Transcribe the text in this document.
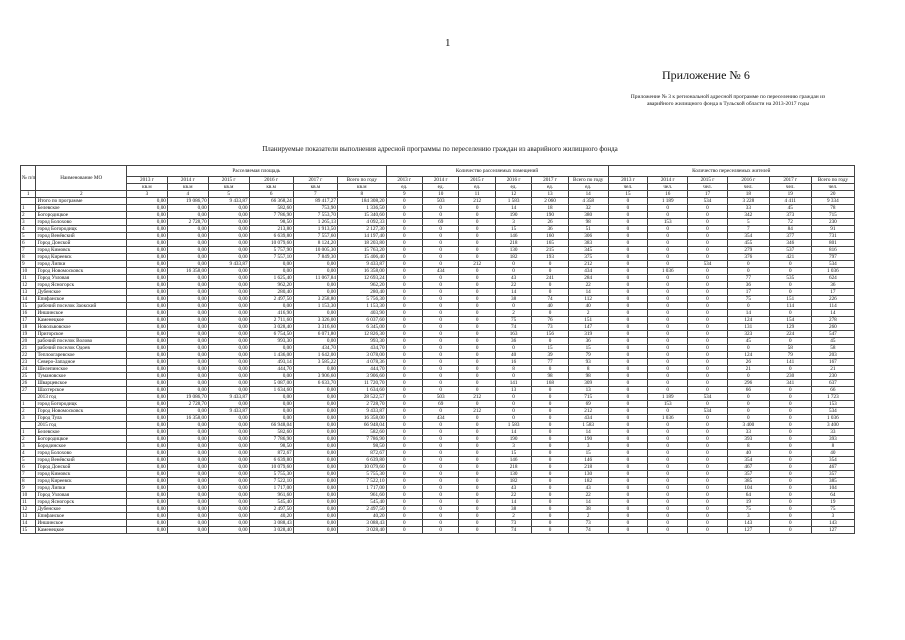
1
Приложение № 6
Приложение № 3 к региональной адресной программе по переселению граждан из аварийного жилищного фонда в Тульской области на 2013-2017 годы
Планируемые показатели выполнения адресной программы по переселению граждан из аварийного жилищного фонда
№ п/п	Наименование МО	Расселяемая площадь						Количество расселяемых помещений						Количество переселяемых жителей					
		2013 г	2014 г	2015 г	2016 г	2017 г	Всего по году	2013 г	2014 г	2015 г	2016 г	2017 г	Всего по году	2013 г	2014 г	2015 г	2016 г	2017 г	Всего по году
		кв.м	кв.м	кв.м	кв.м	кв.м	кв.м	ед.	ед.	ед.	ед.	ед.	ед.	чел.	чел.	чел.	чел.	чел.	чел.
1	2	3	4	5	6	7	8	9	10	11	12	13	14	15	16	17	18	19	20
	Итого по программе	0,00	19 086,70	9 433,87	66 368,24	89 417,27	184 308,20	0	503	212	1 583	2 060	4 358	0	1 189	534	3 228	4 411	9 334
1	Белевское	0,00	0,00	0,00	582,60	753,90	1 336,50	0	0	0	14	18	32	0	0	0	33	45	78
2	Богородицкое	0,00	0,00	0,00	7 786,90	7 553,70	15 340,60	0	0	0	190	190	380	0	0	0	342	373	715
3	город Болохово	0,00	2 728,70	0,00	98,50	1 265,13	4 092,33	0	69	0	3	26	98	0	153	0	5	72	230
4	город Богородицк	0,00	0,00	0,00	213,80	1 913,50	2 127,30	0	0	0	15	36	51	0	0	0	7	84	91
5	город Венёвский	0,00	0,00	0,00	6 639,80	7 557,60	14 197,40	0	0	0	146	160	306	0	0	0	354	377	731
6	Город Донской	0,00	0,00	0,00	10 079,60	8 124,20	18 203,80	0	0	0	218	165	383	0	0	0	455	346	801
7	город Кимовск	0,00	0,00	0,00	5 757,90	10 005,30	15 763,20	0	0	0	130	215	345	0	0	0	279	537	816
8	город Киреевск	0,00	0,00	0,00	7 557,10	7 849,30	15 406,40	0	0	0	182	193	375	0	0	0	376	421	797
9	город Липки	0,00	0,00	9 433,87	0,00	0,00	9 433,87	0	0	212	0	0	212	0	0	534	0	0	534
10	Город Новомосковск	0,00	16 358,00	0,00	0,00	0,00	16 358,00	0	434	0	0	0	434	0	1 036	0	0	0	1 036
11	Город Узловая	0,00	0,00	0,00	1 625,40	11 067,84	12 693,24	0	0	0	43	241	284	0	0	0	77	535	624
12	город Ясногорск	0,00	0,00	0,00	962,20	0,00	962,20	0	0	0	22	0	22	0	0	0	36	0	36
13	Дубенское	0,00	0,00	0,00	280,40	0,00	280,40	0	0	0	14	0	14	0	0	0	17	0	17
14	Епифанское	0,00	0,00	0,00	2 497,50	3 258,80	5 756,30	0	0	0	38	74	112	0	0	0	75	151	226
15	рабочий поселок Заокский	0,00	0,00	0,00	0,00	1 153,30	1 153,30	0	0	0	0	40	40	0	0	0	0	114	114
16	Иншинское	0,00	0,00	0,00	416,90	0,00	403,90	0	0	0	2	0	2	0	0	0	14	0	14
17	Каменецкое	0,00	0,00	0,00	2 711,60	3 326,00	6 037,60	0	0	0	75	76	151	0	0	0	124	154	278
18	Новольвовское	0,00	0,00	0,00	3 028,40	3 316,60	6 345,00	0	0	0	74	73	147	0	0	0	131	129	260
19	Пригорское	0,00	0,00	0,00	6 754,50	6 071,80	12 826,30	0	0	0	163	156	319	0	0	0	323	224	547
20	рабочий поселок Волово	0,00	0,00	0,00	993,30	0,00	993,30	0	0	0	36	0	36	0	0	0	45	0	45
21	рабочий поселок Одоев	0,00	0,00	0,00	0,00	434,70	434,70	0	0	0	0	15	15	0	0	0	0	58	58
22	Теплоогаревское	0,00	0,00	0,00	1 436,00	1 642,00	3 078,00	0	0	0	40	39	79	0	0	0	124	79	203
23	Северо-Западное	0,00	0,00	0,00	493,14	3 585,22	4 078,36	0	0	0	16	77	93	0	0	0	26	141	167
24	Шелепинское	0,00	0,00	0,00	444,70	0,00	444,70	0	0	0	8	0	8	0	0	0	21	0	21
25	Тумановское	0,00	0,00	0,00	0,00	3 906,60	3 906,60	0	0	0	0	98	98	0	0	0	0	230	230
26	Шварцевское	0,00	0,00	0,00	5 087,00	6 633,70	11 720,70	0	0	0	141	168	309	0	0	0	296	341	637
27	Шахтерское	0,00	0,00	0,00	1 634,60	0,00	1 634,60	0	0	0	13	0	13	0	0	0	66	0	66
	2013 год	0,00	19 086,70	9 433,87	0,00	0,00	28 522,57	0	503	212	0	0	715	0	1 189	534	0	0	1 723
1	город Богородицк	0,00	2 728,70	0,00	0,00	0,00	2 728,70	0	69	0	0	0	69	0	153	0	0	0	153
2	Город Новомосковск	0,00	0,00	9 433,87	0,00	0,00	9 433,87	0	0	212	0	0	212	0	0	534	0	0	534
3	Город Тула	0,00	16 358,00	0,00	0,00	0,00	16 358,00	0	434	0	0	0	434	0	1 036	0	0	0	1 036
	2015 год	0,00	0,00	0,00	66 948,04	0,00	66 948,04	0	0	0	1 583	0	1 583	0	0	0	3 400	0	3 400
1	Белевское	0,00	0,00	0,00	582,60	0,00	582,60	0	0	0	14	0	14	0	0	0	33	0	33
2	Богородицкое	0,00	0,00	0,00	7 786,90	0,00	7 786,90	0	0	0	190	0	190	0	0	0	393	0	393
3	Бородинское	0,00	0,00	0,00	98,50	0,00	98,50	0	0	0	3	0	3	0	0	0	8	0	8
4	город Болохово	0,00	0,00	0,00	872,67	0,00	872,67	0	0	0	15	0	15	0	0	0	40	0	40
5	город Венёвский	0,00	0,00	0,00	6 639,80	0,00	6 639,80	0	0	0	146	0	146	0	0	0	354	0	354
6	Город Донской	0,00	0,00	0,00	10 079,60	0,00	10 079,60	0	0	0	218	0	218	0	0	0	467	0	467
7	город Кимовск	0,00	0,00	0,00	5 755,30	0,00	5 755,30	0	0	0	130	0	130	0	0	0	357	0	357
8	город Киреевск	0,00	0,00	0,00	7 522,10	0,00	7 522,10	0	0	0	182	0	182	0	0	0	385	0	385
9	город Липки	0,00	0,00	0,00	1 717,00	0,00	1 717,00	0	0	0	43	0	43	0	0	0	104	0	104
10	Город Узловая	0,00	0,00	0,00	961,60	0,00	961,60	0	0	0	22	0	22	0	0	0	64	0	64
11	город Ясногорск	0,00	0,00	0,00	545,40	0,00	545,40	0	0	0	14	0	14	0	0	0	19	0	19
12	Дубенское	0,00	0,00	0,00	2 497,50	0,00	2 497,50	0	0	0	38	0	38	0	0	0	75	0	75
13	Епифанское	0,00	0,00	0,00	40,20	0,00	40,20	0	0	0	2	0	2	0	0	0	3	0	3
14	Иншинское	0,00	0,00	0,00	3 088,43	0,00	3 088,43	0	0	0	73	0	73	0	0	0	143	0	143
15	Каменецкое	0,00	0,00	0,00	3 028,40	0,00	3 028,40	0	0	0	74	0	74	0	0	0	127	0	127
